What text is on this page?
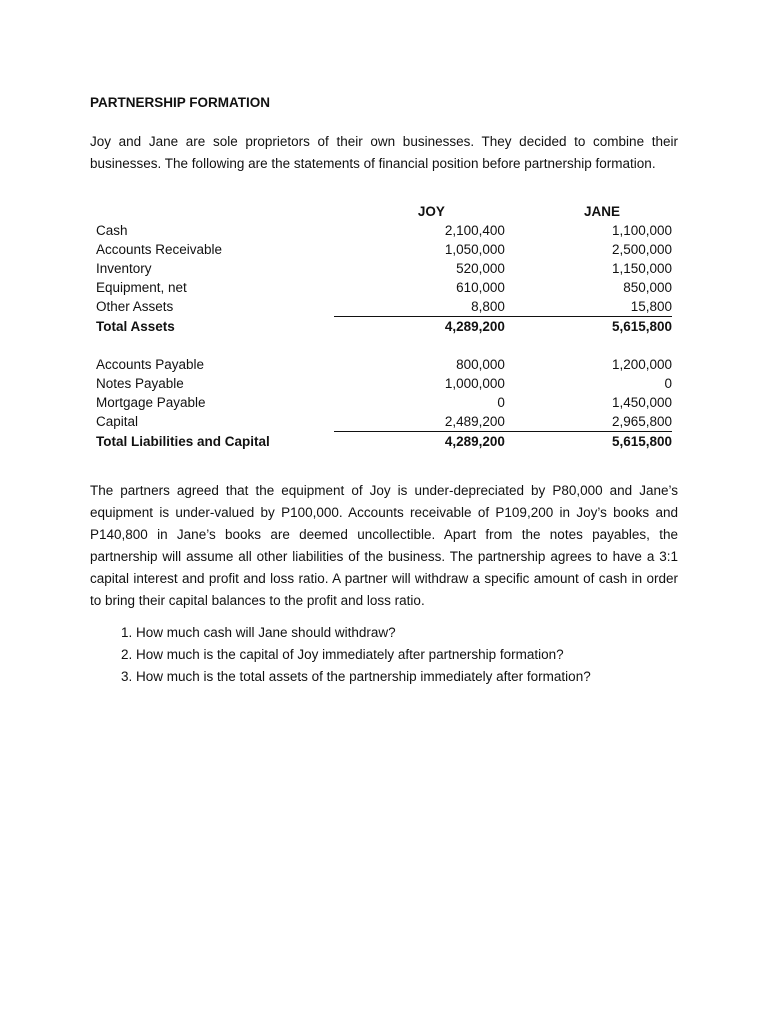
PARTNERSHIP FORMATION

Joy and Jane are sole proprietors of their own businesses. They decided to combine their businesses. The following are the statements of financial position before partnership formation.

	JOY	JANE
Cash	2,100,400	1,100,000
Accounts Receivable	1,050,000	2,500,000
Inventory	520,000	1,150,000
Equipment, net	610,000	850,000
Other Assets	8,800	15,800
Total Assets	4,289,200	5,615,800

Accounts Payable	800,000	1,200,000
Notes Payable	1,000,000	0
Mortgage Payable	0	1,450,000
Capital	2,489,200	2,965,800
Total Liabilities and Capital	4,289,200	5,615,800

The partners agreed that the equipment of Joy is under-depreciated by P80,000 and Jane’s equipment is under-valued by P100,000. Accounts receivable of P109,200 in Joy’s books and P140,800 in Jane’s books are deemed uncollectible. Apart from the notes payables, the partnership will assume all other liabilities of the business. The partnership agrees to have a 3:1 capital interest and profit and loss ratio. A partner will withdraw a specific amount of cash in order to bring their capital balances to the profit and loss ratio.

1. How much cash will Jane should withdraw?
2. How much is the capital of Joy immediately after partnership formation?
3. How much is the total assets of the partnership immediately after formation?
